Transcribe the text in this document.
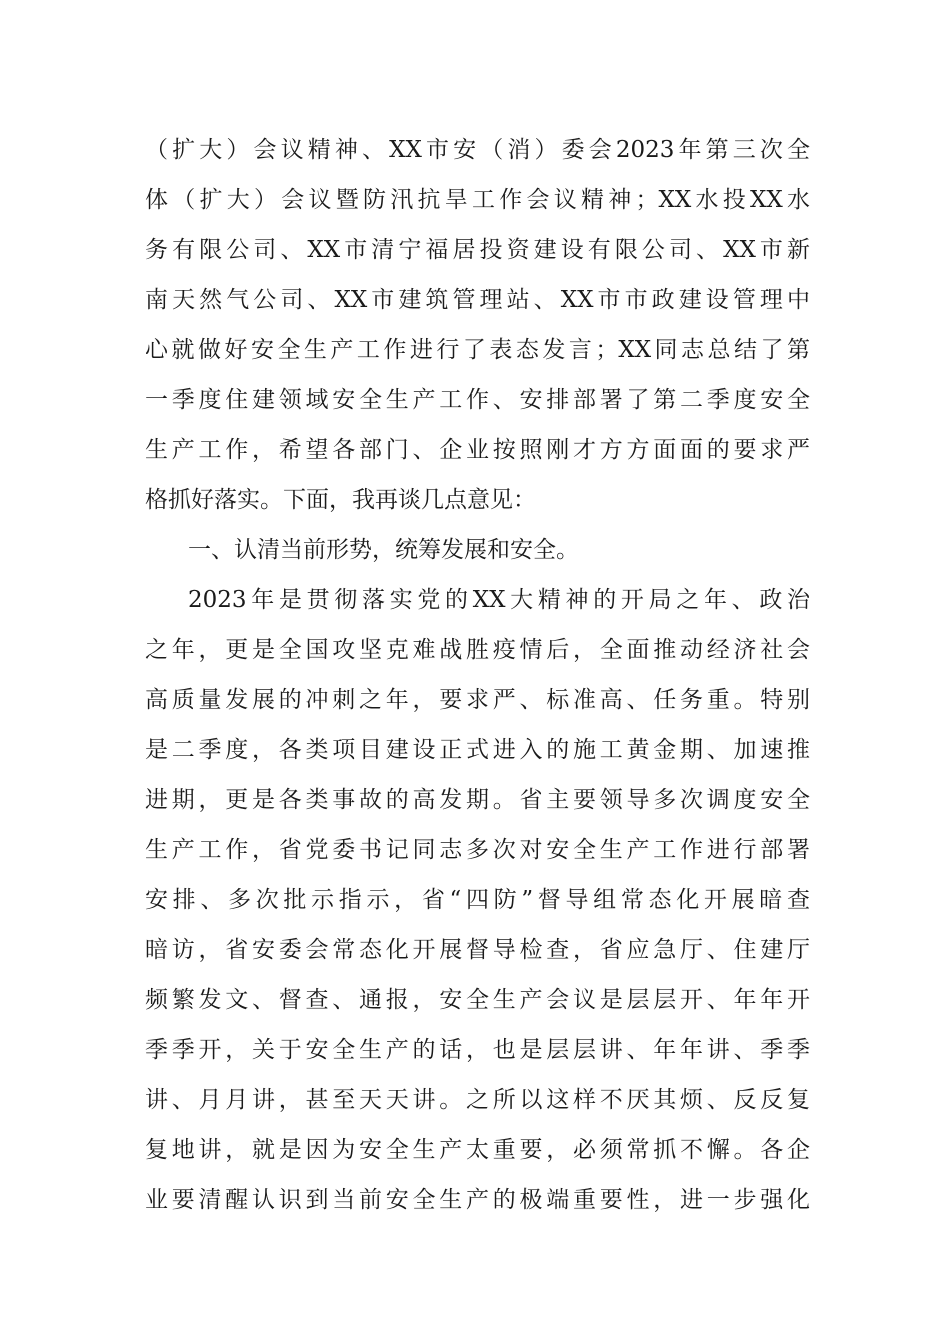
（扩大）会议精神、XX市安（消）委会2023年第三次全
体（扩大）会议暨防汛抗旱工作会议精神；XX水投XX水
务有限公司、XX市清宁福居投资建设有限公司、XX市新
南天然气公司、XX市建筑管理站、XX市市政建设管理中
心就做好安全生产工作进行了表态发言；XX同志总结了第
一季度住建领域安全生产工作、安排部署了第二季度安全
生产工作，希望各部门、企业按照刚才方方面面的要求严
格抓好落实。下面，我再谈几点意见：
一、认清当前形势，统筹发展和安全。
2023年是贯彻落实党的XX大精神的开局之年、政治
之年，更是全国攻坚克难战胜疫情后，全面推动经济社会
高质量发展的冲刺之年，要求严、标准高、任务重。特别
是二季度，各类项目建设正式进入的施工黄金期、加速推
进期，更是各类事故的高发期。省主要领导多次调度安全
生产工作，省党委书记同志多次对安全生产工作进行部署
安排、多次批示指示，省“四防”督导组常态化开展暗查
暗访，省安委会常态化开展督导检查，省应急厅、住建厅
频繁发文、督查、通报，安全生产会议是层层开、年年开
季季开，关于安全生产的话，也是层层讲、年年讲、季季
讲、月月讲，甚至天天讲。之所以这样不厌其烦、反反复
复地讲，就是因为安全生产太重要，必须常抓不懈。各企
业要清醒认识到当前安全生产的极端重要性，进一步强化
